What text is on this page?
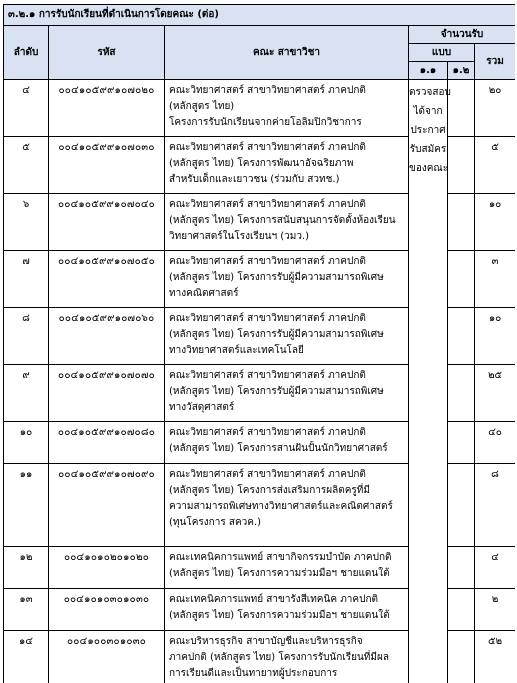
๓.๒.๑ การรับนักเรียนที่ดำเนินการโดยคณะ (ต่อ)					
ลำดับ	รหัส	คณะ สาขาวิชา	จำนวนรับ		
			แบบ		รวม
			๑.๑	๑.๒	
๔	๐๐๔๑๐๕๙๙๑๐๗๐๒๐	คณะวิทยาศาสตร์ สาขาวิทยาศาสตร์ ภาคปกติ
(หลักสูตร ไทย)
โครงการรับนักเรียนจากค่ายโอลิมปิกวิชาการ	ตรวจสอบ
ได้จาก
ประกาศ
รับสมัคร
ของคณะ		๒๐
๕	๐๐๔๑๐๕๙๙๑๐๗๐๓๐	คณะวิทยาศาสตร์ สาขาวิทยาศาสตร์ ภาคปกติ
(หลักสูตร ไทย) โครงการพัฒนาอัจฉริยภาพ
สำหรับเด็กและเยาวชน (ร่วมกับ สวทช.)			๕
๖	๐๐๔๑๐๕๙๙๑๐๗๐๔๐	คณะวิทยาศาสตร์ สาขาวิทยาศาสตร์ ภาคปกติ
(หลักสูตร ไทย) โครงการสนับสนุนการจัดตั้งห้องเรียน
วิทยาศาสตร์ในโรงเรียนฯ (วมว.)			๑๐
๗	๐๐๔๑๐๕๙๙๑๐๗๐๕๐	คณะวิทยาศาสตร์ สาขาวิทยาศาสตร์ ภาคปกติ
(หลักสูตร ไทย) โครงการรับผู้มีความสามารถพิเศษ
ทางคณิตศาสตร์			๓
๘	๐๐๔๑๐๕๙๙๑๐๗๐๖๐	คณะวิทยาศาสตร์ สาขาวิทยาศาสตร์ ภาคปกติ
(หลักสูตร ไทย) โครงการรับผู้มีความสามารถพิเศษ
ทางวิทยาศาสตร์และเทคโนโลยี			๑๐
๙	๐๐๔๑๐๕๙๙๑๐๗๐๗๐	คณะวิทยาศาสตร์ สาขาวิทยาศาสตร์ ภาคปกติ
(หลักสูตร ไทย) โครงการรับผู้มีความสามารถพิเศษ
ทางวัสดุศาสตร์			๒๕
๑๐	๐๐๔๑๐๕๙๙๑๐๗๐๘๐	คณะวิทยาศาสตร์ สาขาวิทยาศาสตร์ ภาคปกติ
(หลักสูตร ไทย) โครงการสานฝันปั้นนักวิทยาศาสตร์			๔๐
๑๑	๐๐๔๑๐๕๙๙๑๐๗๐๙๐	คณะวิทยาศาสตร์ สาขาวิทยาศาสตร์ ภาคปกติ
(หลักสูตร ไทย) โครงการส่งเสริมการผลิตครูที่มี
ความสามารถพิเศษทางวิทยาศาสตร์และคณิตศาสตร์
(ทุนโครงการ สควค.)			๘
๑๒	๐๐๔๑๐๑๐๒๐๑๐๒๐	คณะเทคนิคการแพทย์ สาขากิจกรรมบำบัด ภาคปกติ
(หลักสูตร ไทย) โครงการความร่วมมือฯ ชายแดนใต้			๔
๑๓	๐๐๔๑๐๑๐๓๐๑๐๓๐	คณะเทคนิคการแพทย์ สาขารังสีเทคนิค ภาคปกติ
(หลักสูตร ไทย) โครงการความร่วมมือฯ ชายแดนใต้			๒
๑๔	๐๐๔๑๐๐๓๐๑๐๓๐	คณะบริหารธุรกิจ สาขาบัญชีและบริหารธุรกิจ
ภาคปกติ (หลักสูตร ไทย) โครงการรับนักเรียนที่มีผล
การเรียนดีและเป็นทายาทผู้ประกอบการ			๕๒
